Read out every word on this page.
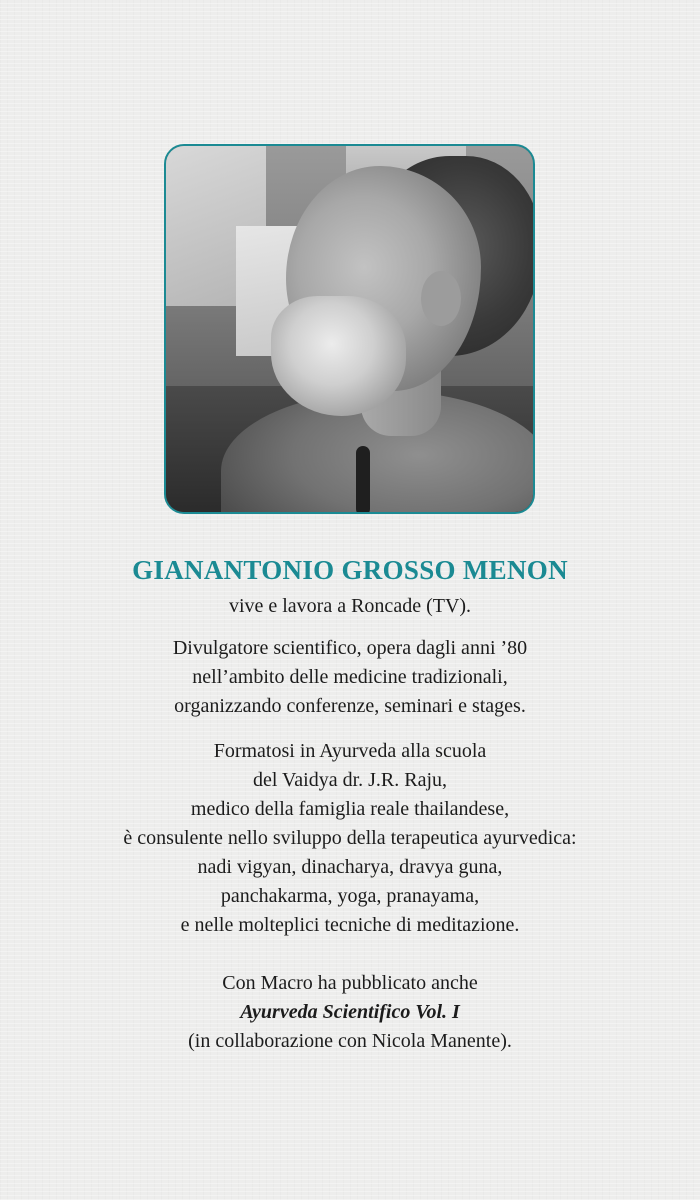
GIANANTONIO GROSSO MENON

vive e lavora a Roncade (TV).

Divulgatore scientifico, opera dagli anni ’80
nell’ambito delle medicine tradizionali,
organizzando conferenze, seminari e stages.

Formatosi in Ayurveda alla scuola
del Vaidya dr. J.R. Raju,
medico della famiglia reale thailandese,
è consulente nello sviluppo della terapeutica ayurvedica:
nadi vigyan, dinacharya, dravya guna,
panchakarma, yoga, pranayama,
e nelle molteplici tecniche di meditazione.

Con Macro ha pubblicato anche
Ayurveda Scientifico Vol. I
(in collaborazione con Nicola Manente).
